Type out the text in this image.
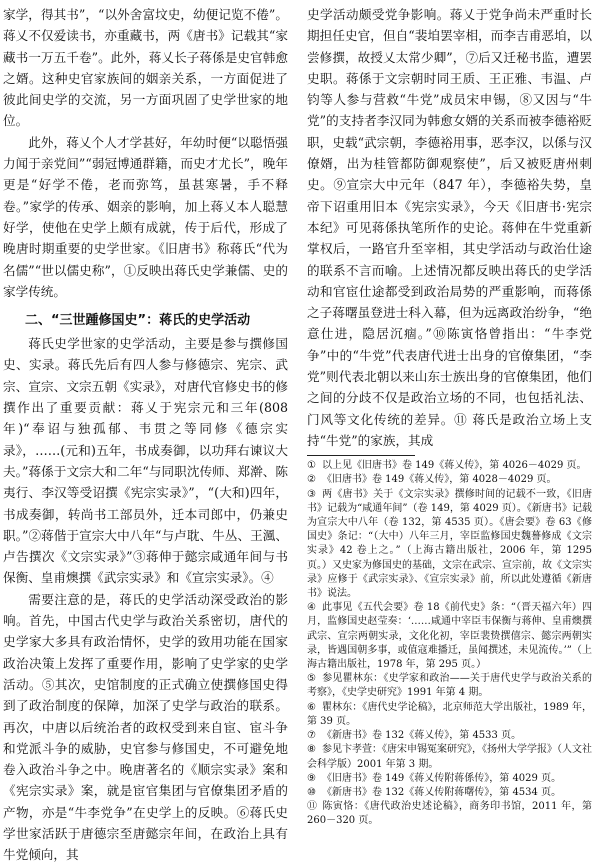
家学，得其书”，“以外舍富坟史，幼便记览不倦”。蒋乂不仅爱读书，亦重藏书，两《唐书》记载其“家藏书一万五千卷”。此外，蒋乂长子蒋係是史官韩愈之婿。这种史官家族间的姻亲关系，一方面促进了彼此间史学的交流，另一方面巩固了史学世家的地位。

此外，蒋乂个人才学甚好，年幼时便“以聪悟强力闻于亲党间”“弱冠博通群籍，而史才尤长”，晚年更是“好学不倦，老而弥笃，虽甚寒暑，手不释卷。”家学的传承、姻亲的影响，加上蒋乂本人聪慧好学，使他在史学上颇有成就，传于后代，形成了晚唐时期重要的史学世家。《旧唐书》称蒋氏“代为名儒”“世以儒史称”，①反映出蒋氏史学兼儒、史的家学传统。

二、“三世踵修国史”：蒋氏的史学活动

蒋氏史学世家的史学活动，主要是参与撰修国史、实录。蒋氏先后有四人参与修德宗、宪宗、武宗、宣宗、文宗五朝《实录》，对唐代官修史书的修撰作出了重要贡献：蒋乂于宪宗元和三年(808 年)“奉诏与独孤郁、韦贯之等同修《德宗实录》，……(元和)五年，书成奏御，以功拜右谏议大夫。”蒋係于文宗大和二年“与同职沈传师、郑澣、陈夷行、李汉等受诏撰《宪宗实录》”，“(大和)四年，书成奏御，转尚书工部员外，迁本司郎中，仍兼史职。”②蒋偕于宣宗大中八年“与卢耽、牛丛、王渢、卢告撰次《文宗实录》”③蒋伸于懿宗咸通年间与书保衡、皇甫燠撰《武宗实录》和《宣宗实录》。④

需要注意的是，蒋氏的史学活动深受政治的影响。首先，中国古代史学与政治关系密切，唐代的史学家大多具有政治情怀，史学的致用功能在国家政治决策上发挥了重要作用，影响了史学家的史学活动。⑤其次，史馆制度的正式确立使撰修国史得到了政治制度的保障，加深了史学与政治的联系。再次，中唐以后统治者的政权受到来自宦、宦斗争和党派斗争的威胁，史官参与修国史，不可避免地卷入政治斗争之中。晚唐著名的《顺宗实录》案和《宪宗实录》案，就是宦官集团与官僚集团矛盾的产物，亦是“牛李党争”在史学上的反映。⑥蒋氏史学世家活跃于唐德宗至唐懿宗年间，在政治上具有牛党倾向，其

史学活动颇受党争影响。蒋乂于党争尚未严重时长期担任史官，但自“裴垍罢宰相，而李吉甫恶垍，以尝修撰，故授乂太常少卿”，⑦后又迁秘书监，遭罢史职。蒋係于文宗朝时同王质、王正雅、韦温、卢钧等人参与营救“牛党”成员宋申锡，⑧又因与“牛党”的支持者李汉同为韩愈女婿的关系而被李德裕贬职，史载“武宗朝，李德裕用事，恶李汉，以係与汉僚婿，出为桂管都防御观察使”，后又被贬唐州刺史。⑨宣宗大中元年（847 年），李德裕失势，皇帝下诏重用旧本《宪宗实录》，今天《旧唐书·宪宗本纪》可见蒋係执笔所作的史论。蒋伸在牛党重新掌权后，一路官升至宰相，其史学活动与政治仕途的联系不言而喻。上述情况都反映出蒋氏的史学活动和官宦仕途都受到政治局势的严重影响，而蒋係之子蒋曙虽登进士科入幕，但为远离政治纷争，“绝意仕进，隐居沉痼。”⑩陈寅恪曾指出：“牛李党争”中的“牛党”代表唐代进士出身的官僚集团，“李党”则代表北朝以来山东士族出身的官僚集团，他们之间的分歧不仅是政治立场的不同，也包括礼法、门风等文化传统的差异。⑪ 蒋氏是政治立场上支持“牛党”的家族，其成

① 以上见《旧唐书》卷 149《蒋乂传》，第 4026－4029 页。
② 《旧唐书》卷 149《蒋乂传》，第 4028－4029 页。
③ 两《唐书》关于《文宗实录》撰修时间的记载不一致，《旧唐书》记载为“咸通年间”（卷 149，第 4029 页）。《新唐书》记载为宣宗大中八年（卷 132，第 4535 页）。《唐会要》卷 63《修国史》条记：“（大中）八年三月，宰臣监修国史魏謩修成《文宗实录》42 卷上之。”（上海古籍出版社，2006 年，第 1295 页。）又史家为修国史的基础，文宗在武宗、宣宗前，故《文宗实录》应修于《武宗实录》、《宣宗实录》前，所以此处遵循《新唐书》说法。
④ 此事见《五代会要》卷 18《前代史》条：“（晋天福六年）四月，监修国史赵莹奏：‘……咸通中宰臣韦保衡与蒋伸、皇甫燠撰武宗、宣宗两朝实录，文化化初，宰臣裴贽撰僖宗、懿宗两朝实录，皆遇国朝多事，或值寇难播迁，虽闻撰述，未见流传。’”（上海古籍出版社，1978 年，第 295 页。）
⑤ 参见瞿林东：《史学家和政治——关于唐代史学与政治关系的考察》，《史学史研究》1991 年第 4 期。
⑥ 瞿林东：《唐代史学论稿》，北京师范大学出版社，1989 年，第 39 页。
⑦ 《新唐书》卷 132《蒋乂传》，第 4533 页。
⑧ 参见卞孝萱：《唐宋申锡冤案研究》，《扬州大学学报》（人文社会科学版）2001 年第 3 期。
⑨ 《旧唐书》卷 149《蒋乂传附蒋係传》，第 4029 页。
⑩ 《新唐书》卷 132《蒋乂传附蒋曙传》，第 4534 页。
⑪ 陈寅恪：《唐代政治史述论稿》，商务印书馆，2011 年，第 260－320 页。
